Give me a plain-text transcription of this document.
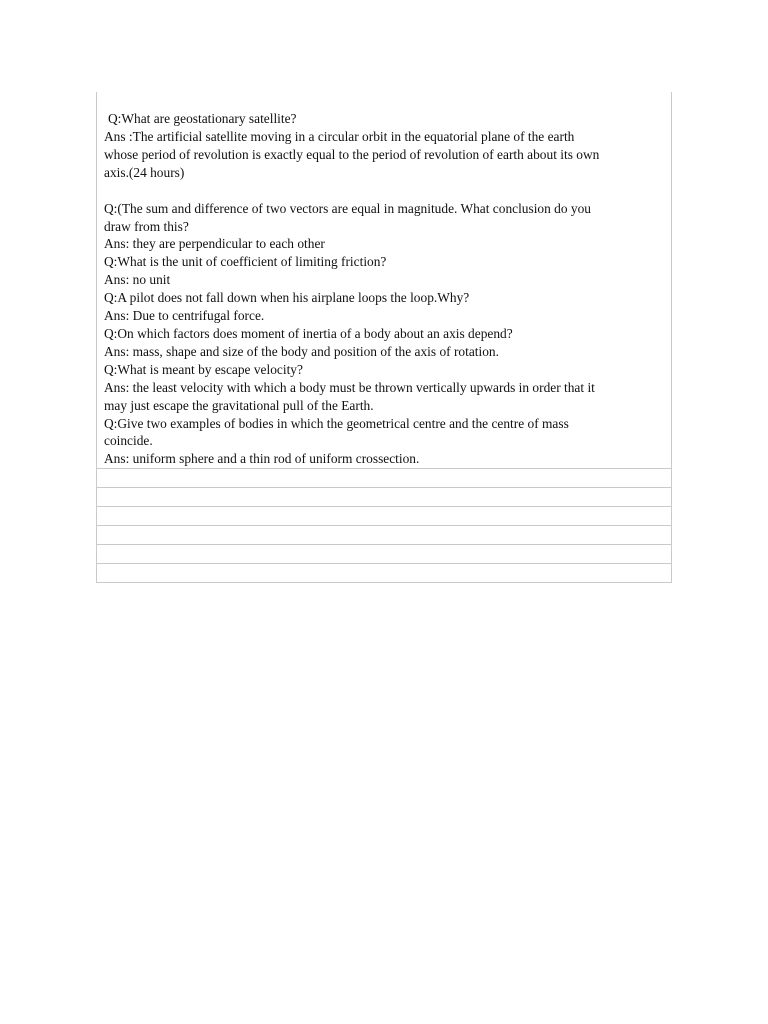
Q:What are geostationary satellite?
Ans :The artificial satellite moving in a circular orbit in the equatorial plane of the earth
whose period of revolution is exactly equal to the period of revolution of earth about its own
axis.(24 hours)
Q:(The sum and difference of two vectors are equal in magnitude. What conclusion do you
draw from this?
Ans: they are perpendicular to each other
Q:What is the unit of coefficient of limiting friction?
Ans: no unit
Q:A pilot does not fall down when his airplane loops the loop.Why?
Ans: Due to centrifugal force.
Q:On which factors does moment of inertia of a body about an axis depend?
Ans: mass, shape and size of the body and position of the axis of rotation.
Q:What is meant by escape velocity?
Ans: the least velocity with which a body must be thrown vertically upwards in order that it
may just escape the gravitational pull of the Earth.
Q:Give two examples of bodies in which the geometrical centre and the centre of mass
coincide.
Ans: uniform sphere and a thin rod of uniform crossection.
